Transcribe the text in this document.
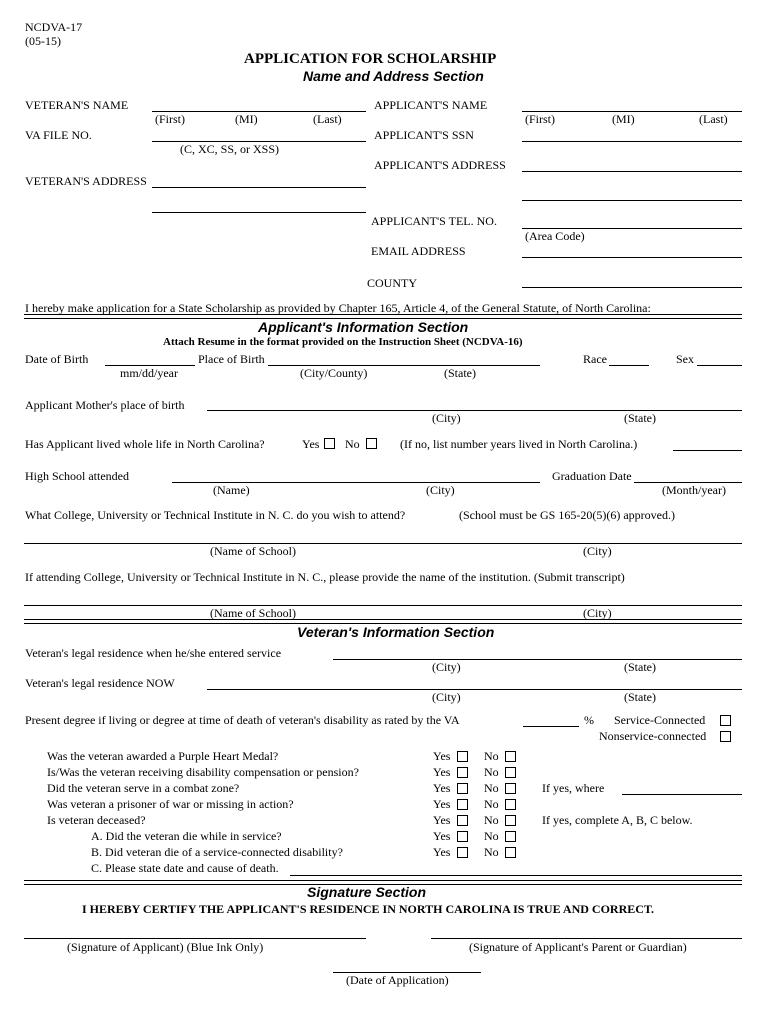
NCDVA-17
(05-15)
APPLICATION FOR SCHOLARSHIP
Name and Address Section
VETERAN'S NAME
(First)	(MI)	(Last)
VA FILE NO.
(C, XC, SS, or XSS)
VETERAN'S ADDRESS
APPLICANT'S NAME
(First)	(MI)	(Last)
APPLICANT'S SSN
APPLICANT'S ADDRESS
APPLICANT'S TEL. NO.
(Area Code)
EMAIL ADDRESS
COUNTY
I hereby make application for a State Scholarship as provided by Chapter 165, Article 4, of the General Statute, of North Carolina:
Applicant's Information Section
Attach Resume in the format provided on the Instruction Sheet (NCDVA-16)
Date of Birth
mm/dd/year
Place of Birth
(City/County)	(State)
Race	Sex
Applicant Mother's place of birth
(City)	(State)
Has Applicant lived whole life in North Carolina?	Yes No	(If no, list number years lived in North Carolina.)
High School attended
(Name)	(City)
Graduation Date
(Month/year)
What College, University or Technical Institute in N. C. do you wish to attend?	(School must be GS 165-20(5)(6) approved.)
(Name of School)	(City)
If attending College, University or Technical Institute in N. C., please provide the name of the institution. (Submit transcript)
(Name of School)	(City)
Veteran's Information Section
Veteran's legal residence when he/she entered service
(City)	(State)
Veteran's legal residence NOW
(City)	(State)
Present degree if living or degree at time of death of veteran's disability as rated by the VA	% Service-Connected
Nonservice-connected
Was the veteran awarded a Purple Heart Medal?	Yes	No
Is/Was the veteran receiving disability compensation or pension?	Yes	No
Did the veteran serve in a combat zone?	Yes	No	If yes, where
Was veteran a prisoner of war or missing in action?	Yes	No
Is veteran deceased?	Yes	No	If yes, complete A, B, C below.
A. Did the veteran die while in service?	Yes	No
B. Did veteran die of a service-connected disability?	Yes	No
C. Please state date and cause of death.
Signature Section
I HEREBY CERTIFY THE APPLICANT'S RESIDENCE IN NORTH CAROLINA IS TRUE AND CORRECT.
(Signature of Applicant) (Blue Ink Only)	(Signature of Applicant's Parent or Guardian)
(Date of Application)
